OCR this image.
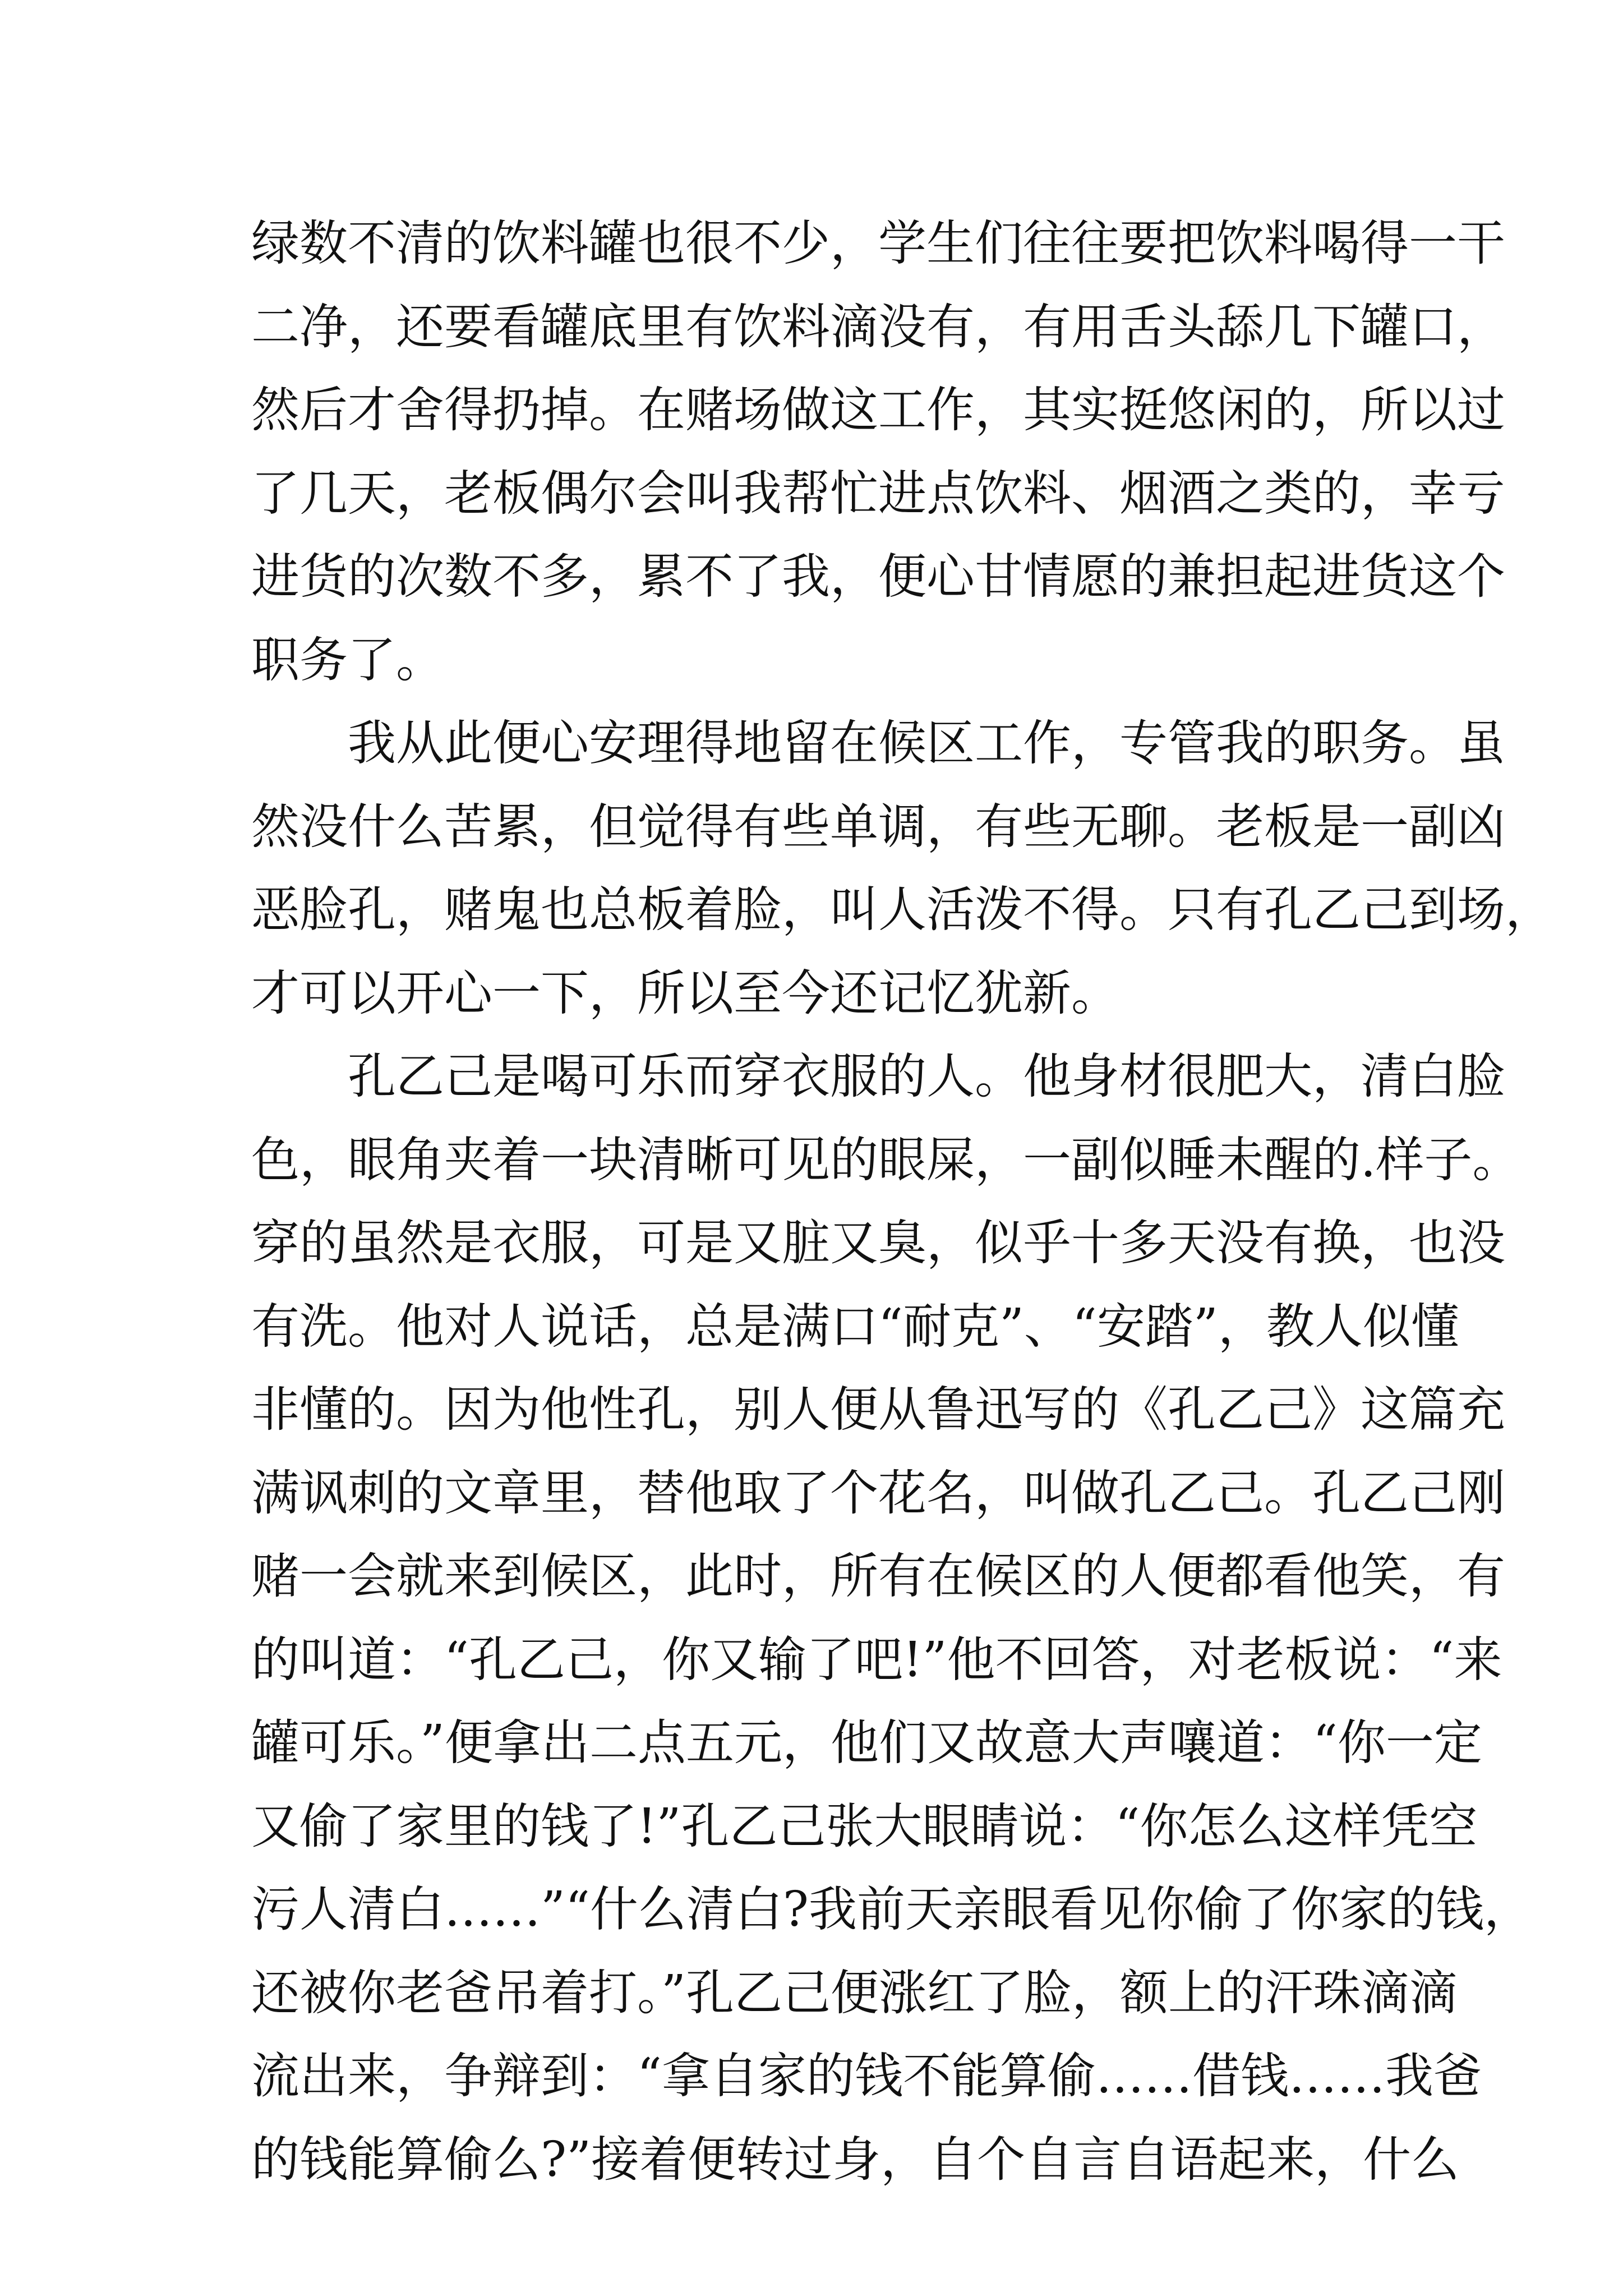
绿数不清的饮料罐也很不少，学生们往往要把饮料喝得一干
二净，还要看罐底里有饮料滴没有，有用舌头舔几下罐口，
然后才舍得扔掉。在赌场做这工作，其实挺悠闲的，所以过
了几天，老板偶尔会叫我帮忙进点饮料、烟酒之类的，幸亏
进货的次数不多，累不了我，便心甘情愿的兼担起进货这个
职务了。
我从此便心安理得地留在候区工作，专管我的职务。虽
然没什么苦累，但觉得有些单调，有些无聊。老板是一副凶
恶脸孔，赌鬼也总板着脸，叫人活泼不得。只有孔乙己到场，
才可以开心一下，所以至今还记忆犹新。
孔乙己是喝可乐而穿衣服的人。他身材很肥大，清白脸
色，眼角夹着一块清晰可见的眼屎，一副似睡未醒的.样子。
穿的虽然是衣服，可是又脏又臭，似乎十多天没有换，也没
有洗。他对人说话，总是满口“耐克”、“安踏”，教人似懂
非懂的。因为他性孔，别人便从鲁迅写的《孔乙己》这篇充
满讽刺的文章里，替他取了个花名，叫做孔乙己。孔乙己刚
赌一会就来到候区，此时，所有在候区的人便都看他笑，有
的叫道：“孔乙己，你又输了吧!”他不回答，对老板说：“来
罐可乐。”便拿出二点五元，他们又故意大声嚷道：“你一定
又偷了家里的钱了!”孔乙己张大眼睛说：“你怎么这样凭空
污人清白……”“什么清白?我前天亲眼看见你偷了你家的钱，
还被你老爸吊着打。”孔乙己便涨红了脸，额上的汗珠滴滴
流出来，争辩到：“拿自家的钱不能算偷……借钱……我爸
的钱能算偷么?”接着便转过身，自个自言自语起来，什么
